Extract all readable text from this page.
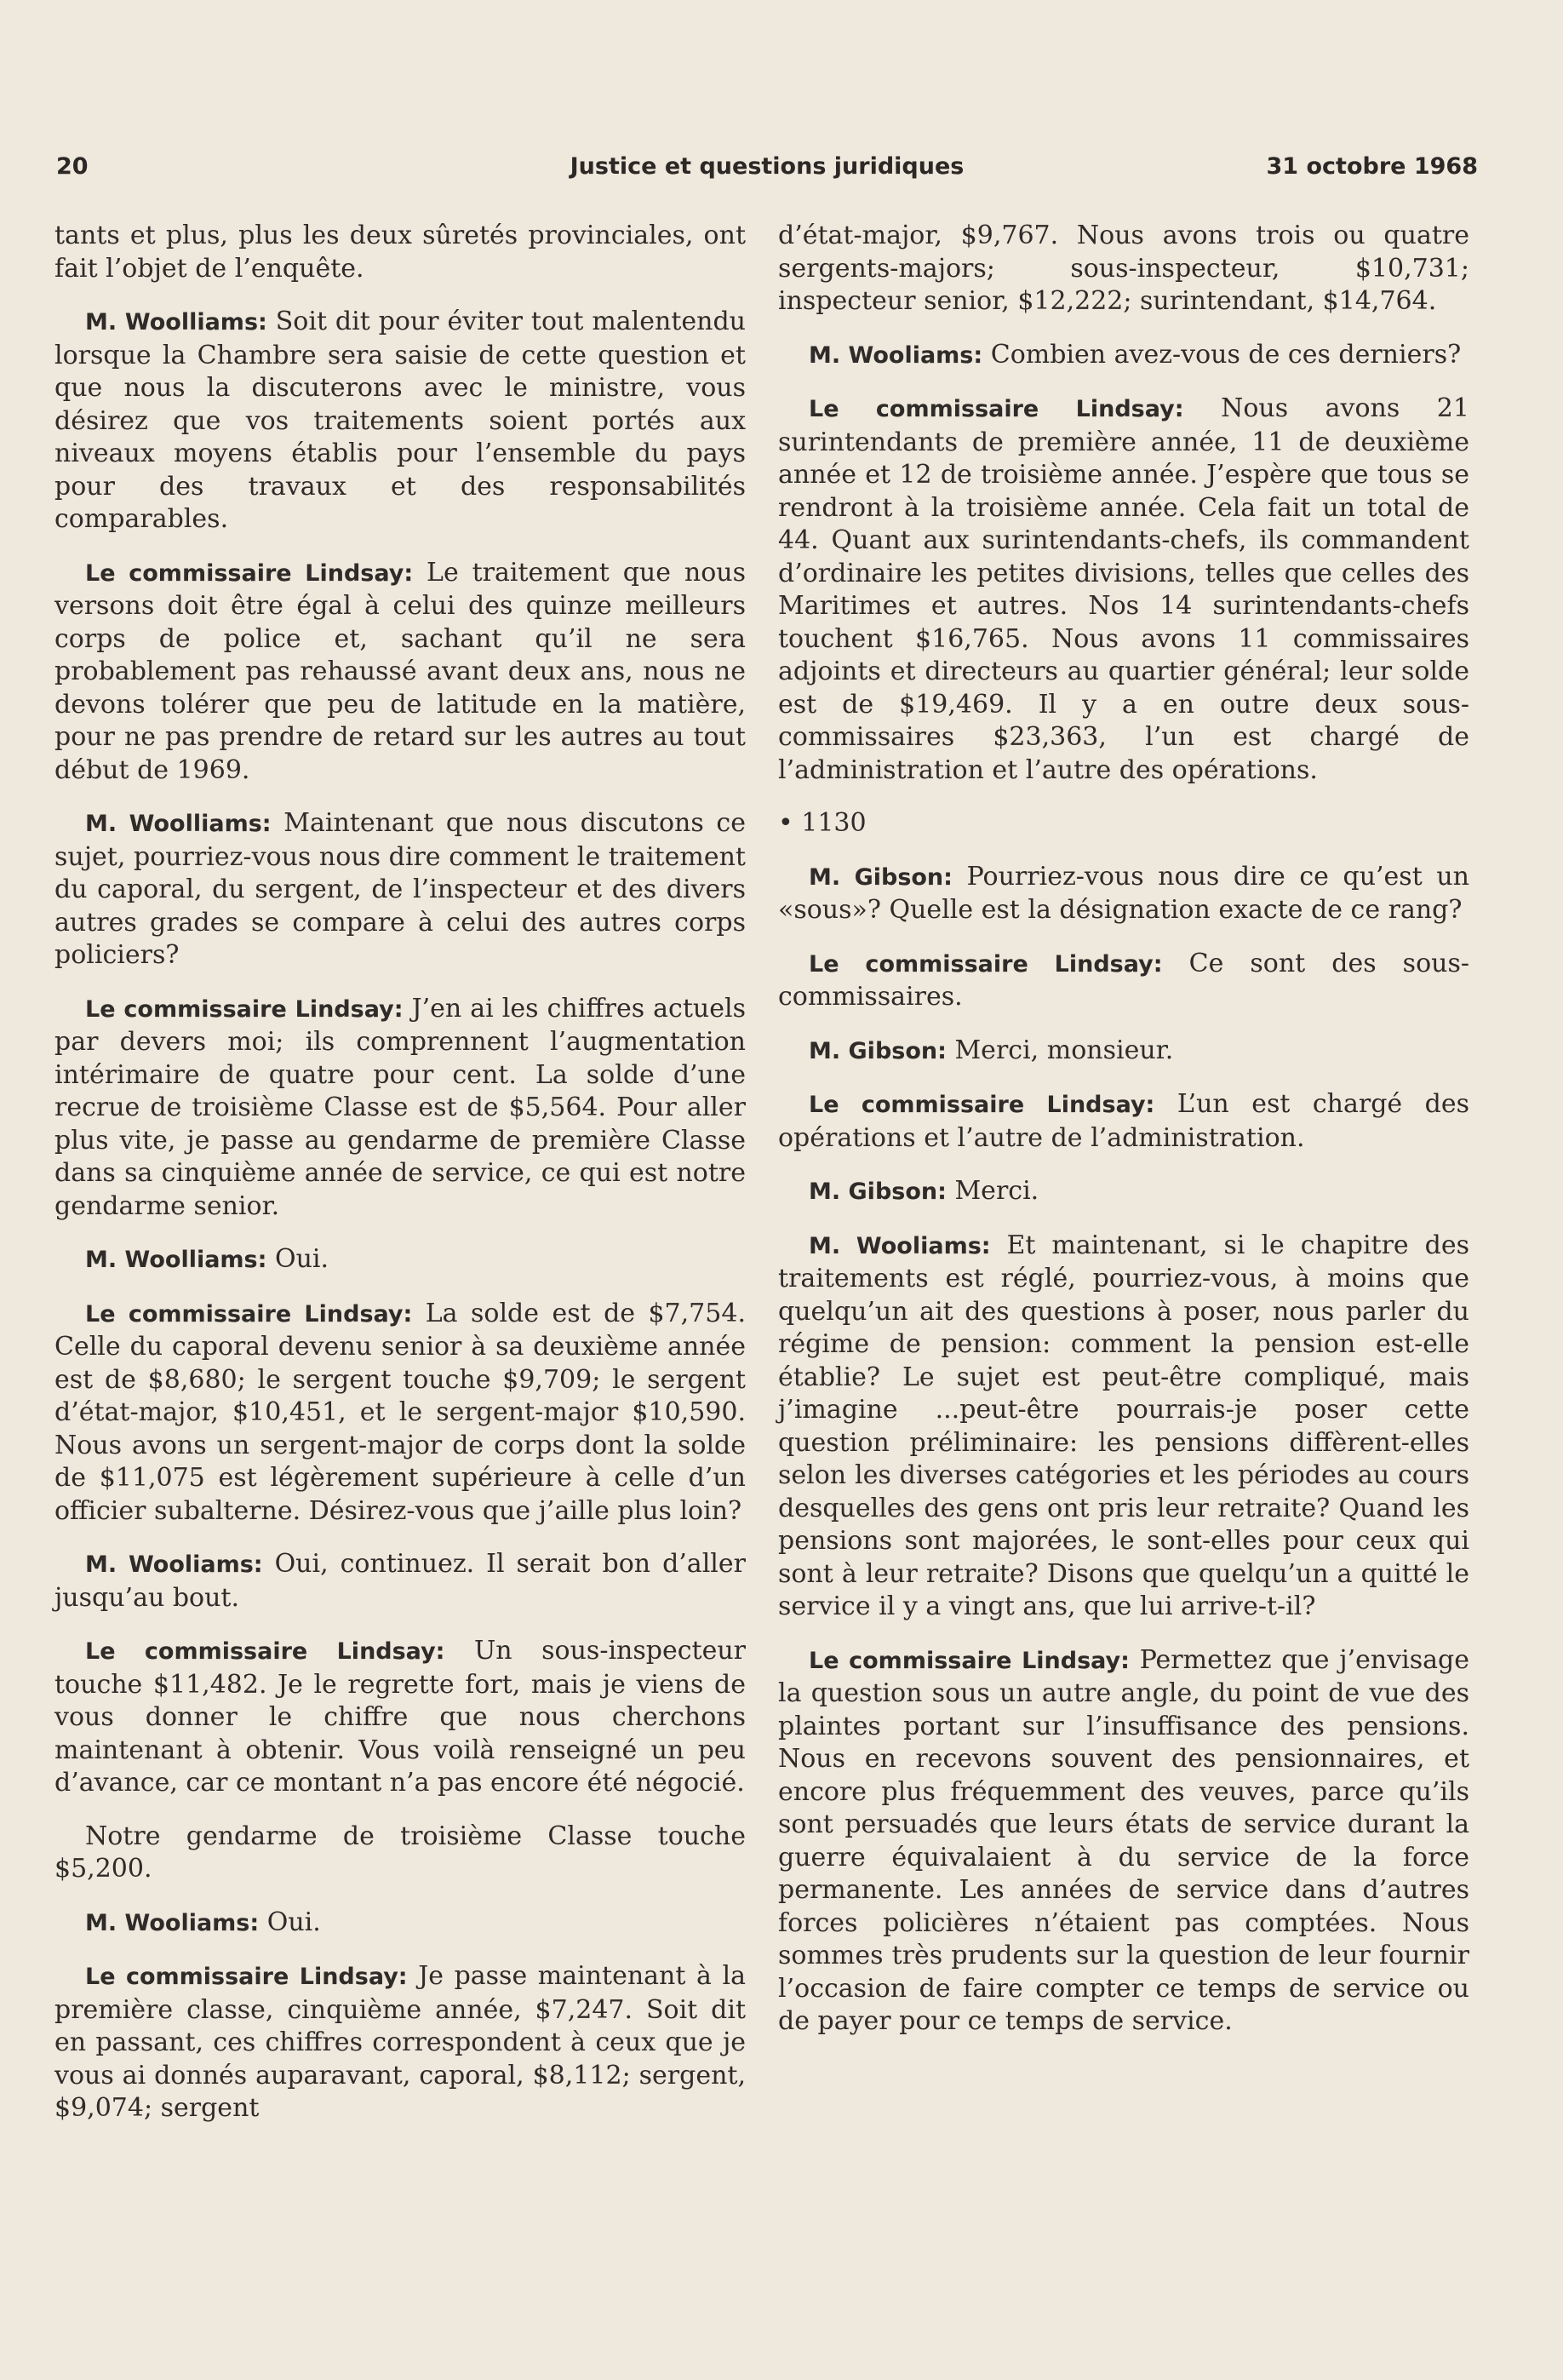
20	Justice et questions juridiques	31 octobre 1968

tants et plus, plus les deux sûretés provinciales, ont fait l’objet de l’enquête.

M. Woolliams: Soit dit pour éviter tout malentendu lorsque la Chambre sera saisie de cette question et que nous la discuterons avec le ministre, vous désirez que vos traitements soient portés aux niveaux moyens établis pour l’ensemble du pays pour des travaux et des responsabilités comparables.

Le commissaire Lindsay: Le traitement que nous versons doit être égal à celui des quinze meilleurs corps de police et, sachant qu’il ne sera probablement pas rehaussé avant deux ans, nous ne devons tolérer que peu de latitude en la matière, pour ne pas prendre de retard sur les autres au tout début de 1969.

M. Woolliams: Maintenant que nous discutons ce sujet, pourriez-vous nous dire comment le traitement du caporal, du sergent, de l’inspecteur et des divers autres grades se compare à celui des autres corps policiers?

Le commissaire Lindsay: J’en ai les chiffres actuels par devers moi; ils comprennent l’augmentation intérimaire de quatre pour cent. La solde d’une recrue de troisième Classe est de $5,564. Pour aller plus vite, je passe au gendarme de première Classe dans sa cinquième année de service, ce qui est notre gendarme senior.

M. Woolliams: Oui.

Le commissaire Lindsay: La solde est de $7,754. Celle du caporal devenu senior à sa deuxième année est de $8,680; le sergent touche $9,709; le sergent d’état-major, $10,451, et le sergent-major $10,590. Nous avons un sergent-major de corps dont la solde de $11,075 est légèrement supérieure à celle d’un officier subalterne. Désirez-vous que j’aille plus loin?

M. Wooliams: Oui, continuez. Il serait bon d’aller jusqu’au bout.

Le commissaire Lindsay: Un sous-inspecteur touche $11,482. Je le regrette fort, mais je viens de vous donner le chiffre que nous cherchons maintenant à obtenir. Vous voilà renseigné un peu d’avance, car ce montant n’a pas encore été négocié.

Notre gendarme de troisième Classe touche $5,200.

M. Wooliams: Oui.

Le commissaire Lindsay: Je passe maintenant à la première classe, cinquième année, $7,247. Soit dit en passant, ces chiffres correspondent à ceux que je vous ai donnés auparavant, caporal, $8,112; sergent, $9,074; sergent

d’état-major, $9,767. Nous avons trois ou quatre sergents-majors; sous-inspecteur, $10,731; inspecteur senior, $12,222; surintendant, $14,764.

M. Wooliams: Combien avez-vous de ces derniers?

Le commissaire Lindsay: Nous avons 21 surintendants de première année, 11 de deuxième année et 12 de troisième année. J’espère que tous se rendront à la troisième année. Cela fait un total de 44. Quant aux surintendants-chefs, ils commandent d’ordinaire les petites divisions, telles que celles des Maritimes et autres. Nos 14 surintendants-chefs touchent $16,765. Nous avons 11 commissaires adjoints et directeurs au quartier général; leur solde est de $19,469. Il y a en outre deux sous-commissaires $23,363, l’un est chargé de l’administration et l’autre des opérations.

• 1130

M. Gibson: Pourriez-vous nous dire ce qu’est un «sous»? Quelle est la désignation exacte de ce rang?

Le commissaire Lindsay: Ce sont des sous-commissaires.

M. Gibson: Merci, monsieur.

Le commissaire Lindsay: L’un est chargé des opérations et l’autre de l’administration.

M. Gibson: Merci.

M. Wooliams: Et maintenant, si le chapitre des traitements est réglé, pourriez-vous, à moins que quelqu’un ait des questions à poser, nous parler du régime de pension: comment la pension est-elle établie? Le sujet est peut-être compliqué, mais j’imagine ...peut-être pourrais-je poser cette question préliminaire: les pensions diffèrent-elles selon les diverses catégories et les périodes au cours desquelles des gens ont pris leur retraite? Quand les pensions sont majorées, le sont-elles pour ceux qui sont à leur retraite? Disons que quelqu’un a quitté le service il y a vingt ans, que lui arrive-t-il?

Le commissaire Lindsay: Permettez que j’envisage la question sous un autre angle, du point de vue des plaintes portant sur l’insuffisance des pensions. Nous en recevons souvent des pensionnaires, et encore plus fréquemment des veuves, parce qu’ils sont persuadés que leurs états de service durant la guerre équivalaient à du service de la force permanente. Les années de service dans d’autres forces policières n’étaient pas comptées. Nous sommes très prudents sur la question de leur fournir l’occasion de faire compter ce temps de service ou de payer pour ce temps de service.
